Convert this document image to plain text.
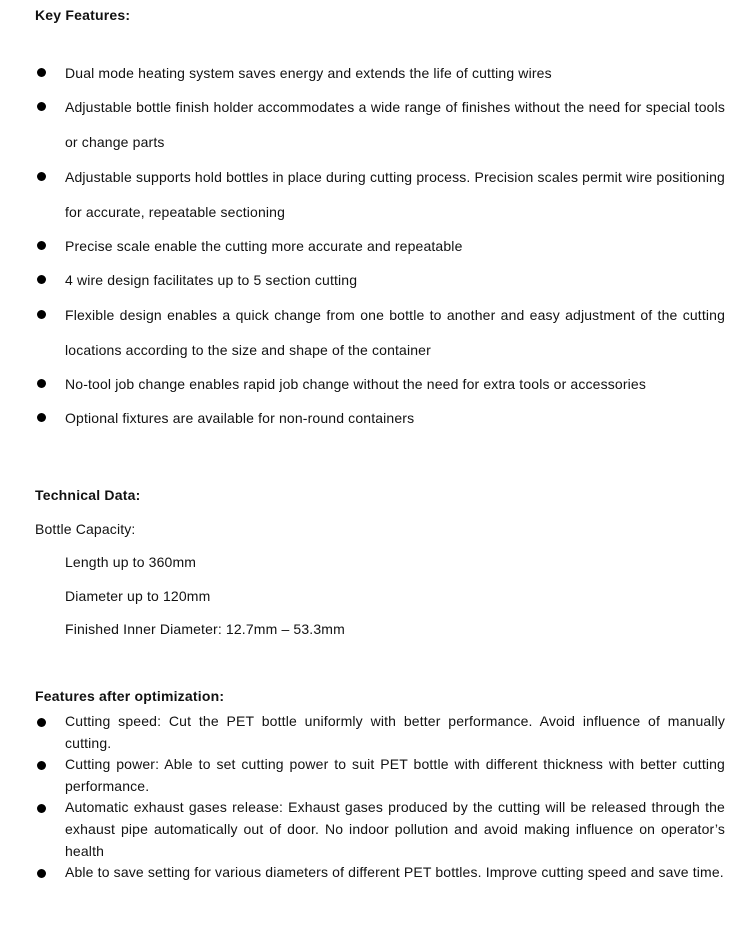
Key Features:
Dual mode heating system saves energy and extends the life of cutting wires
Adjustable bottle finish holder accommodates a wide range of finishes without the need for special tools or change parts
Adjustable supports hold bottles in place during cutting process. Precision scales permit wire positioning for accurate, repeatable sectioning
Precise scale enable the cutting more accurate and repeatable
4 wire design facilitates up to 5 section cutting
Flexible design enables a quick change from one bottle to another and easy adjustment of the cutting locations according to the size and shape of the container
No-tool job change enables rapid job change without the need for extra tools or accessories
Optional fixtures are available for non-round containers
Technical Data:
Bottle Capacity:
Length up to 360mm
Diameter up to 120mm
Finished Inner Diameter: 12.7mm – 53.3mm
Features after optimization:
Cutting speed: Cut the PET bottle uniformly with better performance. Avoid influence of manually cutting.
Cutting power: Able to set cutting power to suit PET bottle with different thickness with better cutting performance.
Automatic exhaust gases release: Exhaust gases produced by the cutting will be released through the exhaust pipe automatically out of door. No indoor pollution and avoid making influence on operator’s health
Able to save setting for various diameters of different PET bottles. Improve cutting speed and save time.
